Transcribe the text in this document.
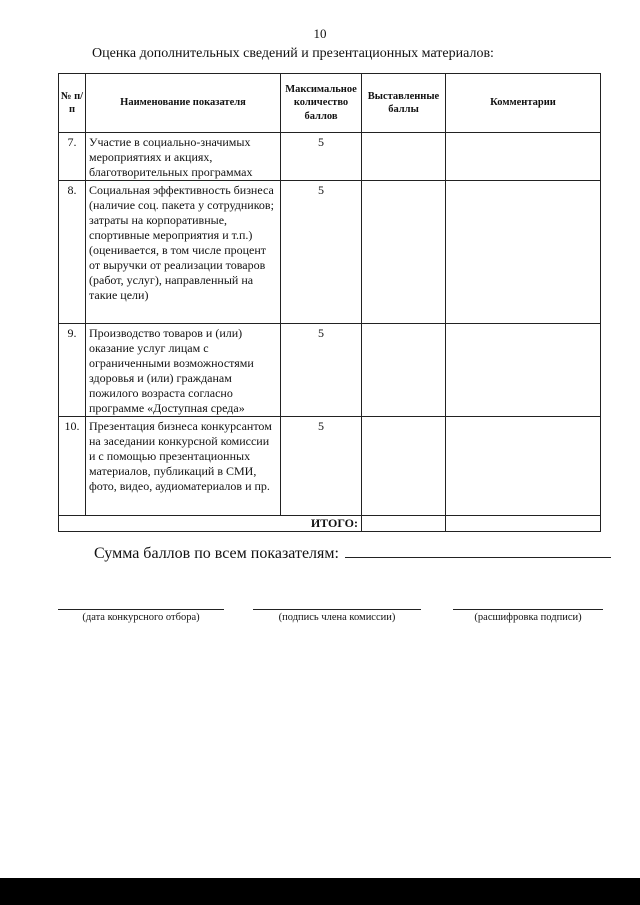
10
Оценка дополнительных сведений и презентационных материалов:
№ п/п	Наименование показателя	Максимальное количество баллов	Выставленные баллы	Комментарии
7.	Участие в социально-значимых мероприятиях и акциях, благотворительных программах	5		
8.	Социальная эффективность бизнеса (наличие соц. пакета у сотрудников; затраты на корпоративные, спортивные мероприятия и т.п.) (оценивается, в том числе процент от выручки от реализации товаров (работ, услуг), направленный на такие цели)	5		
9.	Производство товаров и (или) оказание услуг лицам с ограниченными возможностями здоровья и (или) гражданам пожилого возраста согласно программе «Доступная среда»	5		
10.	Презентация бизнеса конкурсантом на заседании конкурсной комиссии и с помощью презентационных материалов, публикаций в СМИ, фото, видео, аудиоматериалов и пр.	5		
ИТОГО:				
Сумма баллов по всем показателям:
(дата конкурсного отбора)	(подпись члена комиссии)	(расшифровка подписи)
